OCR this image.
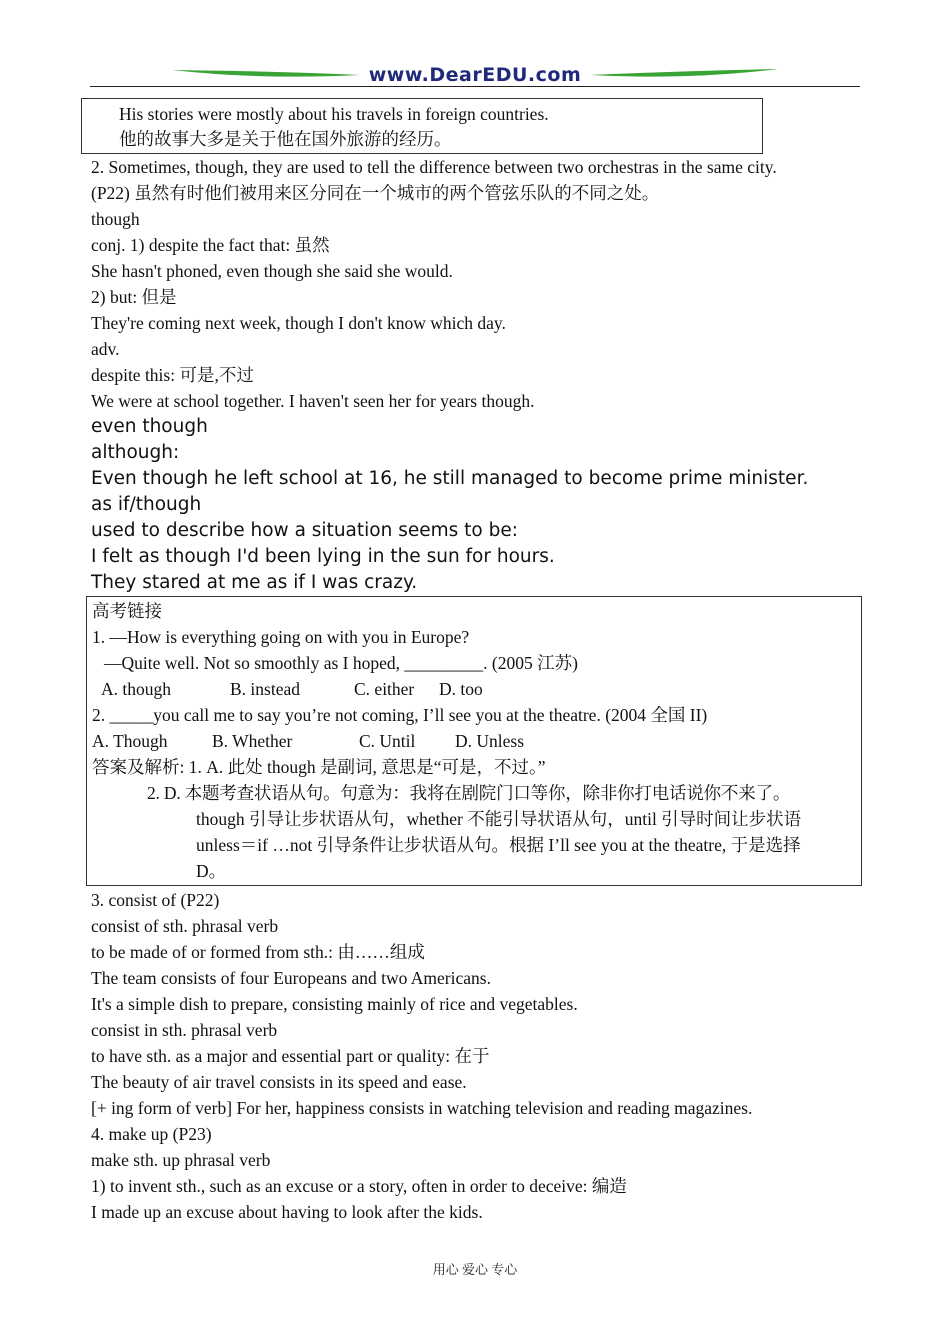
www.DearEDU.com
His stories were mostly about his travels in foreign countries.
他的故事大多是关于他在国外旅游的经历。
2. Sometimes, though, they are used to tell the difference between two orchestras in the same city.
(P22) 虽然有时他们被用来区分同在一个城市的两个管弦乐队的不同之处。
though
conj. 1) despite the fact that: 虽然
She hasn't phoned, even though she said she would.
2) but: 但是
They're coming next week, though I don't know which day.
adv.
despite this: 可是,不过
We were at school together. I haven't seen her for years though.
even though
although:
Even though he left school at 16, he still managed to become prime minister.
as if/though
used to describe how a situation seems to be:
I felt as though I'd been lying in the sun for hours.
They stared at me as if I was crazy.
高考链接
1. —How is everything going on with you in Europe?
—Quite well. Not so smoothly as I hoped, _________. (2005 江苏)
A. though	B. instead	C. either D. too
2. _____you call me to say you’re not coming, I’ll see you at the theatre. (2004 全国 II)
A. Though	B. Whether	C. Until D. Unless
答案及解析: 1. A. 此处 though 是副词, 意思是“可是，不过。”
2. D. 本题考查状语从句。句意为：我将在剧院门口等你，除非你打电话说你不来了。
though 引导让步状语从句，whether 不能引导状语从句，until 引导时间让步状语
unless＝if …not 引导条件让步状语从句。根据 I’ll see you at the theatre, 于是选择
D。
3. consist of (P22)
consist of sth. phrasal verb
to be made of or formed from sth.: 由……组成
The team consists of four Europeans and two Americans.
It's a simple dish to prepare, consisting mainly of rice and vegetables.
consist in sth. phrasal verb
to have sth. as a major and essential part or quality: 在于
The beauty of air travel consists in its speed and ease.
[+ ing form of verb] For her, happiness consists in watching television and reading magazines.
4. make up (P23)
make sth. up phrasal verb
1) to invent sth., such as an excuse or a story, often in order to deceive: 编造
I made up an excuse about having to look after the kids.
用心 爱心 专心
